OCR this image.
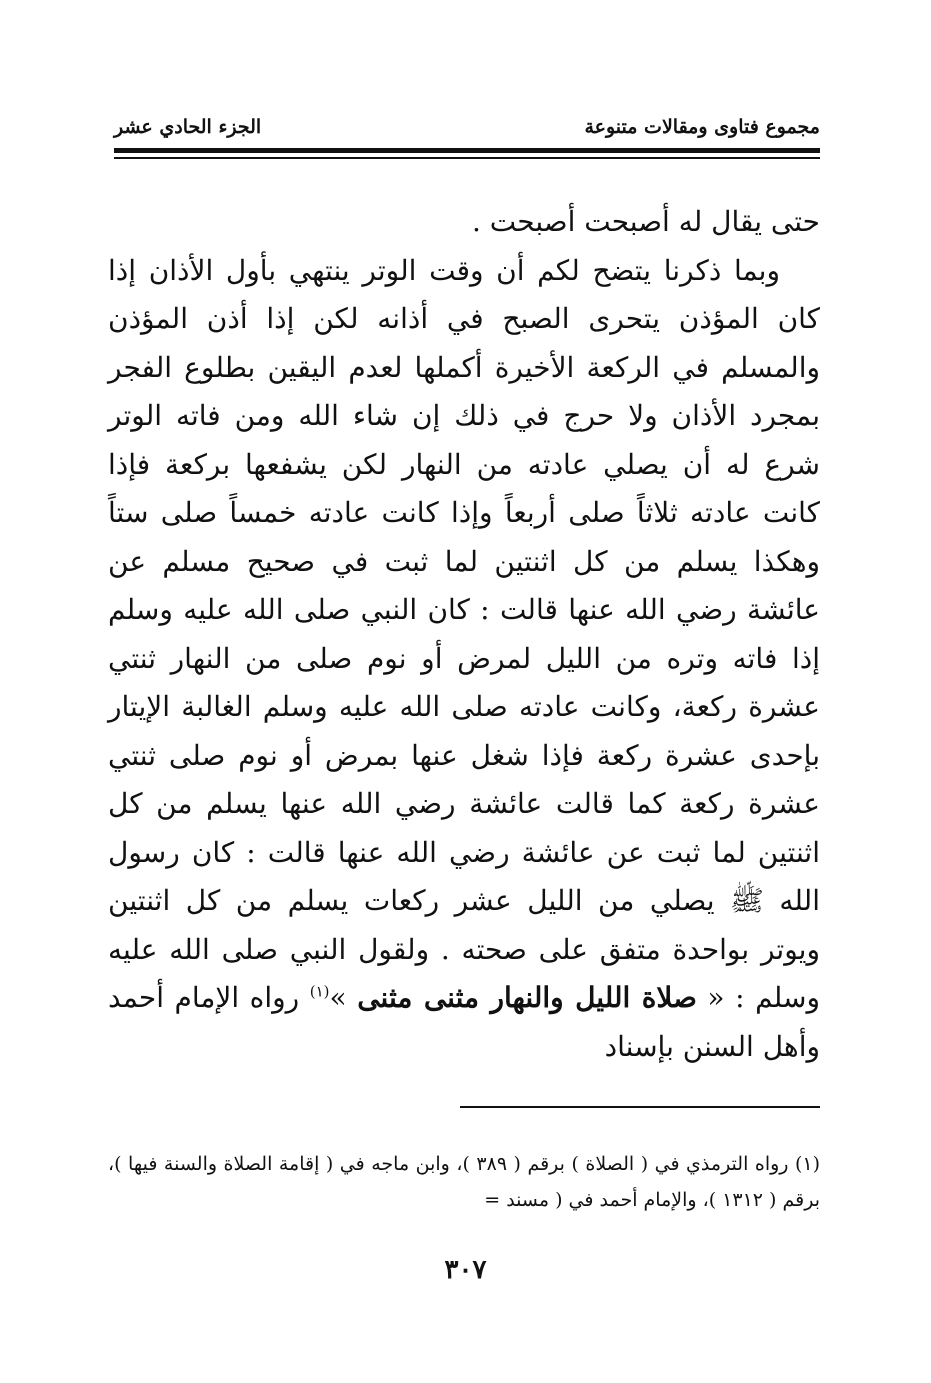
مجموع فتاوى ومقالات متنوعة
الجزء الحادي عشر

حتى يقال له أصبحت أصبحت .

وبما ذكرنا يتضح لكم أن وقت الوتر ينتهي بأول الأذان إذا كان المؤذن يتحرى الصبح في أذانه لكن إذا أذن المؤذن والمسلم في الركعة الأخيرة أكملها لعدم اليقين بطلوع الفجر بمجرد الأذان ولا حرج في ذلك إن شاء الله ومن فاته الوتر شرع له أن يصلي عادته من النهار لكن يشفعها بركعة فإذا كانت عادته ثلاثاً صلى أربعاً وإذا كانت عادته خمساً صلى ستاً وهكذا يسلم من كل اثنتين لما ثبت في صحيح مسلم عن عائشة رضي الله عنها قالت : كان النبي صلى الله عليه وسلم إذا فاته وتره من الليل لمرض أو نوم صلى من النهار ثنتي عشرة ركعة، وكانت عادته صلى الله عليه وسلم الغالبة الإيتار بإحدى عشرة ركعة فإذا شغل عنها بمرض أو نوم صلى ثنتي عشرة ركعة كما قالت عائشة رضي الله عنها يسلم من كل اثنتين لما ثبت عن عائشة رضي الله عنها قالت : كان رسول الله ﷺ يصلي من الليل عشر ركعات يسلم من كل اثنتين ويوتر بواحدة متفق على صحته . ولقول النبي صلى الله عليه وسلم : « صلاة الليل والنهار مثنى مثنى »$^{(١)}$ رواه الإمام أحمد وأهل السنن بإسناد

(١) رواه الترمذي في ( الصلاة ) برقم ( ٣٨٩ )، وابن ماجه في ( إقامة الصلاة والسنة فيها )، برقم ( ١٣١٢ )، والإمام أحمد في ( مسند =

٣٠٧
